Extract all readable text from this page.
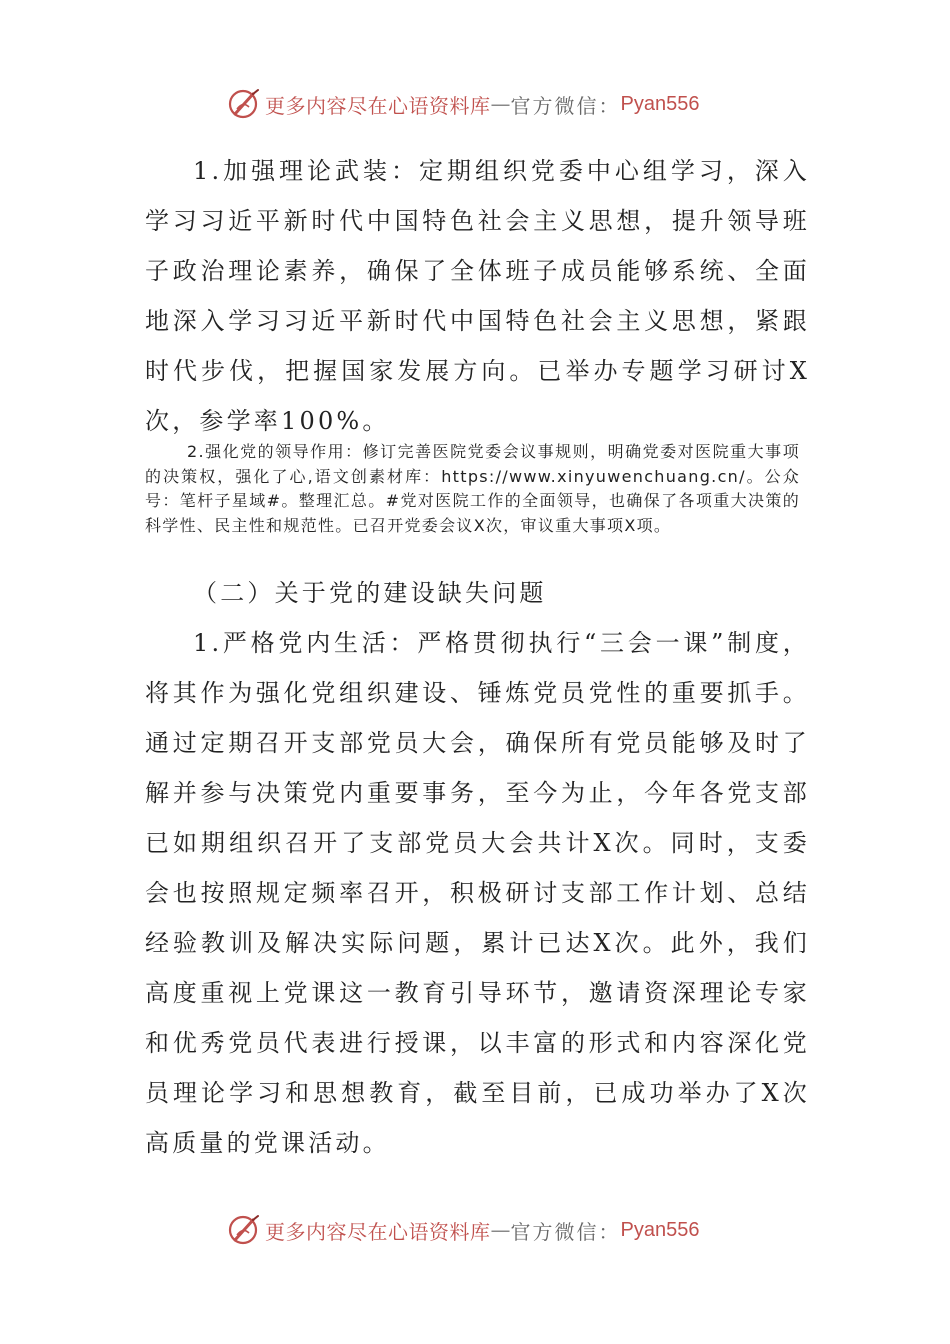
更多内容尽在心语资料库 — 官方微信： Pyan556

1.加强理论武装：定期组织党委中心组学习，深入学习习近平新时代中国特色社会主义思想，提升领导班子政治理论素养，确保了全体班子成员能够系统、全面地深入学习习近平新时代中国特色社会主义思想，紧跟时代步伐，把握国家发展方向。已举办专题学习研讨X次，参学率100%。

2.强化党的领导作用：修订完善医院党委会议事规则，明确党委对医院重大事项的决策权，强化了心,语文创素材库：https://www.xinyuwenchuang.cn/。公众号：笔杆子星域#。整理汇总。#党对医院工作的全面领导，也确保了各项重大决策的科学性、民主性和规范性。已召开党委会议X次，审议重大事项X项。

（二）关于党的建设缺失问题

1.严格党内生活：严格贯彻执行“三会一课”制度，将其作为强化党组织建设、锤炼党员党性的重要抓手。通过定期召开支部党员大会，确保所有党员能够及时了解并参与决策党内重要事务，至今为止，今年各党支部已如期组织召开了支部党员大会共计X次。同时，支委会也按照规定频率召开，积极研讨支部工作计划、总结经验教训及解决实际问题，累计已达X次。此外，我们高度重视上党课这一教育引导环节，邀请资深理论专家和优秀党员代表进行授课，以丰富的形式和内容深化党员理论学习和思想教育，截至目前，已成功举办了X次高质量的党课活动。

更多内容尽在心语资料库 — 官方微信： Pyan556
